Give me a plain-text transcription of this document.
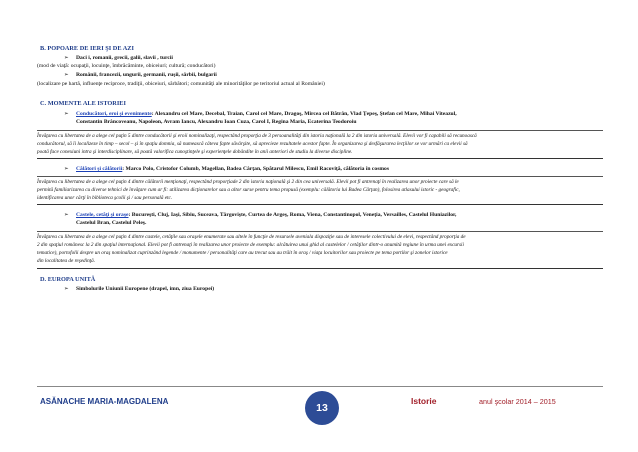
B. POPOARE DE IERI ŞI DE AZI
➢ Daci i, romanii, grecii, galii, slavii , turcii
(mod de viaţă: ocupaţii, locuinţe, îmbrăcăminte, obiceiuri; cultură; conducători)
➢ Românii, francezii, ungurii, germanii, ruşii, sârbii, bulgarii
(localizare pe hartă, influenţe reciproce, tradiţii, obiceiuri, sărbători; comunităţi ale minorităţilor pe teritoriul actual al României)
C. MOMENTE ALE ISTORIEI
➢ Conducători, eroi şi evenimente: Alexandru cel Mare, Decebal, Traian, Carol cel Mare, Dragoş, Mircea cel Bătrân, Vlad Ţepeş, Ştefan cel Mare, Mihai Viteazul,
Constantin Brâncoveanu, Napoleon, Avram Iancu, Alexandru Ioan Cuza, Carol I, Regina Maria, Ecaterina Teodoroiu
Învăţarea cu libertatea de a alege cel puţin 5 dintre conducătorii şi eroii nominalizaţi, respectând proporţia de 3 persoanalităţi din istoria naţională la 2 din istoria universală. Elevii vor fi capabili să recunoască
conducătorul, să îi localizeze în timp – secol – şi în spaţiu domnia, să numească câteva fapte săvârşite, să aprecieze rezultatele acestor fapte. În organizarea şi desfăşurarea lecţiilor se vor urmări ca elevii să
poată face conexiuni intra şi interdisciplinare, să poată valorifica cunoştinţele şi experienţele dobândite în anii anteriori de studiu la diverse discipline.
➢ Călători şi călătorii: Marco Polo, Cristofor Columb, Magellan, Badea Cârţan, Spătarul Milescu, Emil Racoviţă, călătoria în cosmos
Învăţarea cu libertatea de a alege cel puţin 4 dintre călătorii menţionaţi, respectând proporţiade 2 din istoria naţională şi 2 din cea universală. Elevii pot fi antrenaţi în realizarea unor proiecte care să le
permită familiarizarea cu diverse tehnici de învăţare cum ar fi: utilizarea dicţionarelor sau a altor surse pentru tema propusă (exemplu: călătoria lui Badea Cârţan), folosirea atlasului istoric - geografic,
identificarea unor cărţi în biblioteca şcolii şi / sau personală etc.
➢ Castele, cetăţi şi oraşe: Bucureşti, Cluj, Iaşi, Sibiu, Suceava, Târgovişte, Curtea de Argeş, Roma, Viena, Constantinopol, Veneţia, Versailles, Castelul Huniazilor,
Castelul Bran, Castelul Peleş.
Învăţarea cu libertatea de a alege cel puţin 4 dintre castele, cetăţile sau oraşele enumerate sau altele în funcţie de resursele aveniala dispoziţie sau de interesele colectivului de elevi, respectând proporţia de
2 din spaţiul românesc la 2 din spaţiul internaţional. Elevii pot fi antrenaţi în realizarea unor proiecte de exemplu: alcătuirea unui ghid al castelelor / cetăţilor dintr-o anumită regiune în urma unei excursii
tematice), portofolii despre un oraş nominalizat cuprinzând legende / monumente / personalităţi care au trecut sau au trăit în oraş / viaţa locuitorilor sau proiecte pe tema portilor şi zonelor istorice
din localitatea de reşedinţă.
D. EUROPA UNITĂ
➢ Simbolurile Uniunii Europene (drapel, imn, ziua Europei)
ASĂNACHE MARIA-MAGDALENA
13
Istorie	anul şcolar 2014 – 2015
